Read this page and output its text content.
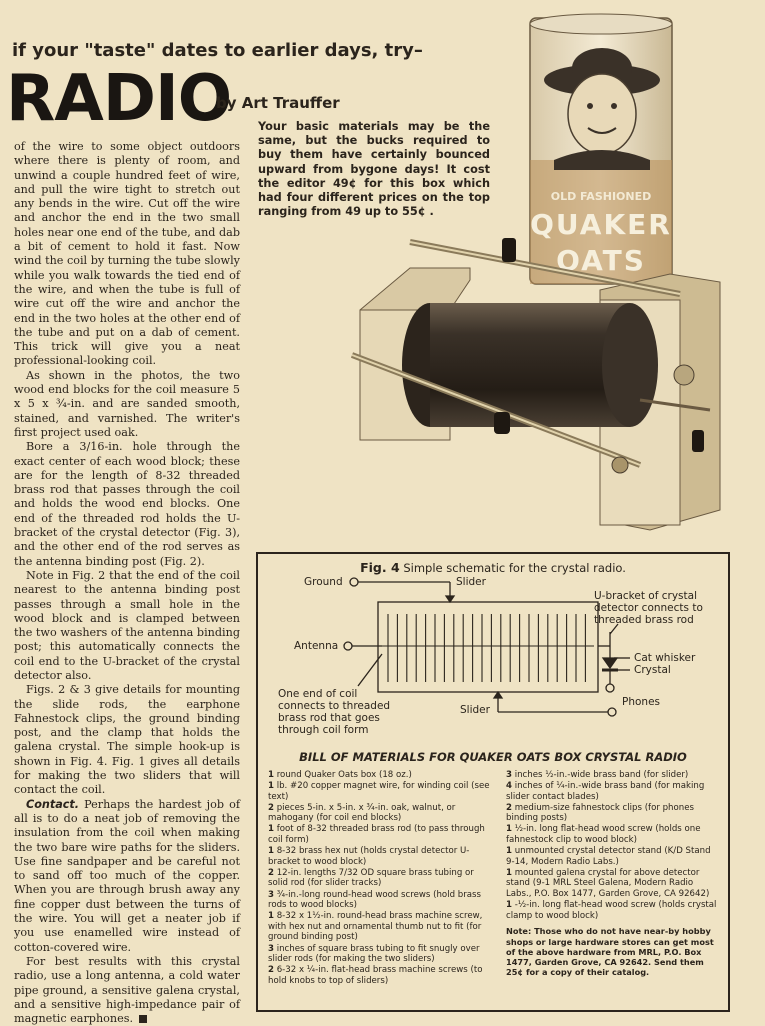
if your "taste" dates to earlier days, try–
RADIO
by Art Trauffer
OLD FASHIONED
QUAKER
OATS
Your basic materials may be the same, but the bucks required to buy them have certainly bounced upward from bygone days! It cost the editor 49¢ for this box which had four different prices on the top ranging from 49 up to 55¢ .

of the wire to some object outdoors where there is plenty of room, and unwind a couple hundred feet of wire, and pull the wire tight to stretch out any bends in the wire. Cut off the wire and anchor the end in the two small holes near one end of the tube, and dab a bit of cement to hold it fast. Now wind the coil by turning the tube slowly while you walk towards the tied end of the wire, and when the tube is full of wire cut off the wire and anchor the end in the two holes at the other end of the tube and put on a dab of cement. This trick will give you a neat professional-looking coil.

As shown in the photos, the two wood end blocks for the coil measure 5 x 5 x ¾-in. and are sanded smooth, stained, and varnished. The writer's first project used oak.

Bore a 3/16-in. hole through the exact center of each wood block; these are for the length of 8-32 threaded brass rod that passes through the coil and holds the wood end blocks. One end of the threaded rod holds the U-bracket of the crystal detector (Fig. 3), and the other end of the rod serves as the antenna binding post (Fig. 2).

Note in Fig. 2 that the end of the coil nearest to the antenna binding post passes through a small hole in the wood block and is clamped between the two washers of the antenna binding post; this automatically connects the coil end to the U-bracket of the crystal detector also.

Figs. 2 & 3 give details for mounting the slide rods, the earphone Fahnestock clips, the ground binding post, and the clamp that holds the galena crystal. The simple hook-up is shown in Fig. 4. Fig. 1 gives all details for making the two sliders that will contact the coil.

Contact. Perhaps the hardest job of all is to do a neat job of removing the insulation from the coil when making the two bare wire paths for the sliders. Use fine sandpaper and be careful not to sand off too much of the copper. When you are through brush away any fine copper dust between the turns of the wire. You will get a neater job if you use enamelled wire instead of cotton-covered wire.

For best results with this crystal radio, use a long antenna, a cold water pipe ground, a sensitive galena crystal, and a sensitive high-impedance pair of magnetic earphones.

Fig. 4 Simple schematic for the crystal radio.
Ground	Slider
Antenna
U-bracket of crystal
detector connects to
threaded brass rod
Cat whisker
Crystal
One end of coil
connects to threaded
brass rod that goes
through coil form
Slider
Phones
BILL OF MATERIALS FOR QUAKER OATS BOX CRYSTAL RADIO

1 round Quaker Oats box (18 oz.)

1 lb. #20 copper magnet wire, for winding coil (see text)

2 pieces 5-in. x 5-in. x ¾-in. oak, walnut, or mahogany (for coil end blocks)

1 foot of 8-32 threaded brass rod (to pass through coil form)

1 8-32 brass hex nut (holds crystal detector U-bracket to wood block)

2 12-in. lengths 7/32 OD square brass tubing or solid rod (for slider tracks)

3 ¾-in.-long round-head wood screws (hold brass rods to wood blocks)

1 8-32 x 1½-in. round-head brass machine screw, with hex nut and ornamental thumb nut to fit (for ground binding post)

3 inches of square brass tubing to fit snugly over slider rods (for making the two sliders)

2 6-32 x ¼-in. flat-head brass machine screws (to hold knobs to top of sliders)

3 inches ½-in.-wide brass band (for slider)

4 inches of ¼-in.-wide brass band (for making slider contact blades)

2 medium-size fahnestock clips (for phones binding posts)

1 ½-in. long flat-head wood screw (holds one fahnestock clip to wood block)

1 unmounted crystal detector stand (K/D Stand 9-14, Modern Radio Labs.)

1 mounted galena crystal for above detector stand (9-1 MRL Steel Galena, Modern Radio Labs., P.O. Box 1477, Garden Grove, CA 92642)

1 -½-in. long flat-head wood screw (holds crystal clamp to wood block)

Note: Those who do not have near-by hobby shops or large hardware stores can get most of the above hardware from MRL, P.O. Box 1477, Garden Grove, CA 92642. Send them 25¢ for a copy of their catalog.
